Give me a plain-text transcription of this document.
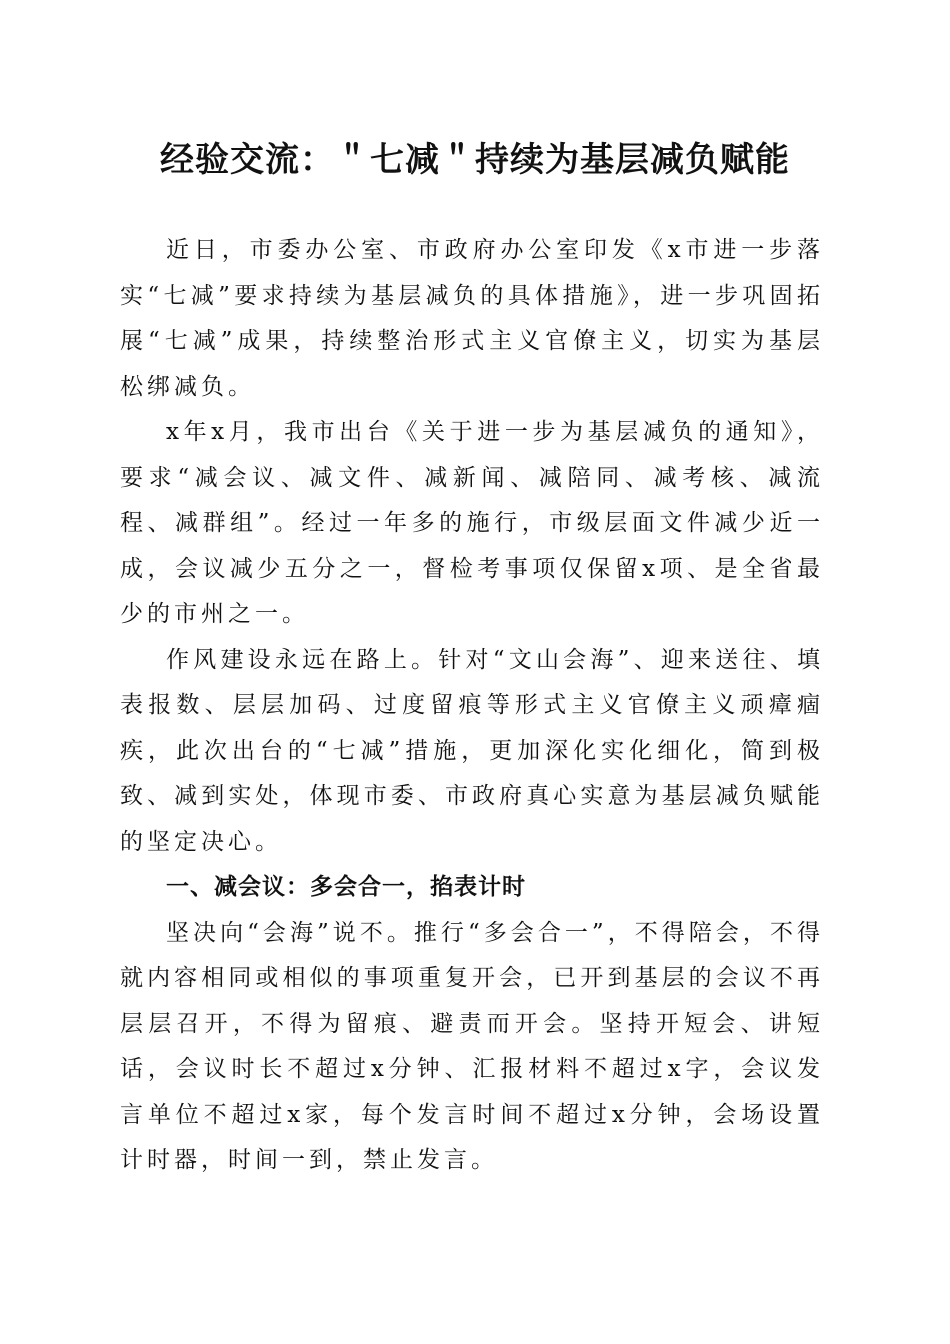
经验交流：＂七减＂持续为基层减负赋能

近日，市委办公室、市政府办公室印发《x市进一步落实“七减”要求持续为基层减负的具体措施》，进一步巩固拓展“七减”成果，持续整治形式主义官僚主义，切实为基层松绑减负。

x年x月，我市出台《关于进一步为基层减负的通知》，要求“减会议、减文件、减新闻、减陪同、减考核、减流程、减群组”。经过一年多的施行，市级层面文件减少近一成，会议减少五分之一，督检考事项仅保留x项、是全省最少的市州之一。

作风建设永远在路上。针对“文山会海”、迎来送往、填表报数、层层加码、过度留痕等形式主义官僚主义顽瘴痼疾，此次出台的“七减”措施，更加深化实化细化，简到极致、减到实处，体现市委、市政府真心实意为基层减负赋能的坚定决心。

一、减会议：多会合一，掐表计时

坚决向“会海”说不。推行“多会合一”，不得陪会，不得就内容相同或相似的事项重复开会，已开到基层的会议不再层层召开，不得为留痕、避责而开会。坚持开短会、讲短话，会议时长不超过x分钟、汇报材料不超过x字，会议发言单位不超过x家，每个发言时间不超过x分钟，会场设置计时器，时间一到，禁止发言。
